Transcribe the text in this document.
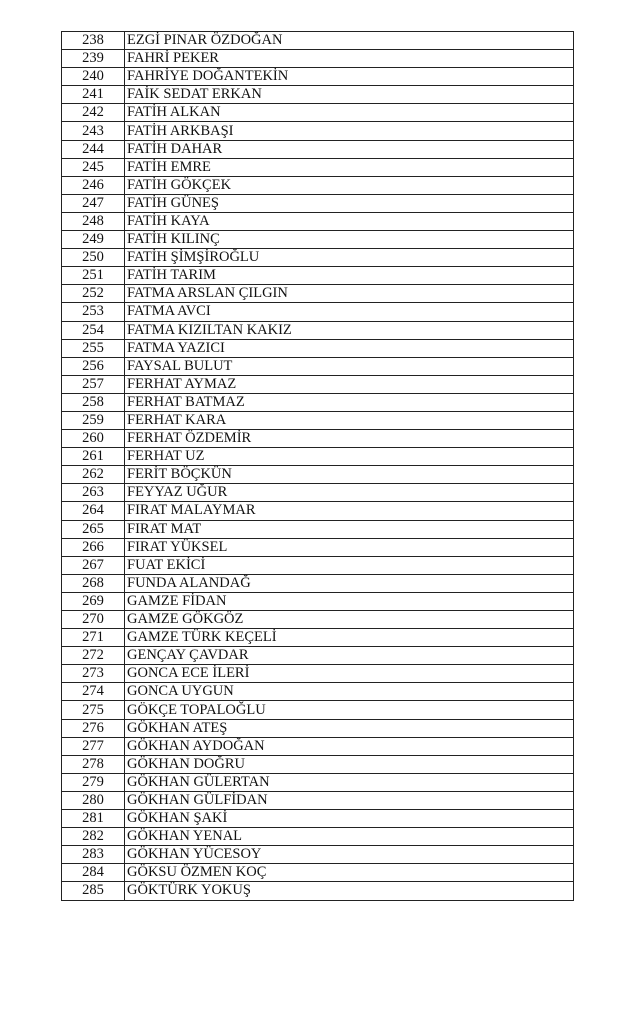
238	EZGİ PINAR ÖZDOĞAN
239	FAHRİ PEKER
240	FAHRİYE DOĞANTEKİN
241	FAİK SEDAT ERKAN
242	FATİH ALKAN
243	FATİH ARKBAŞI
244	FATİH DAHAR
245	FATİH EMRE
246	FATİH GÖKÇEK
247	FATİH GÜNEŞ
248	FATİH KAYA
249	FATİH KILINÇ
250	FATİH ŞİMŞİROĞLU
251	FATİH TARIM
252	FATMA ARSLAN ÇILGIN
253	FATMA AVCI
254	FATMA KIZILTAN KAKIZ
255	FATMA YAZICI
256	FAYSAL BULUT
257	FERHAT AYMAZ
258	FERHAT BATMAZ
259	FERHAT KARA
260	FERHAT ÖZDEMİR
261	FERHAT UZ
262	FERİT BÖÇKÜN
263	FEYYAZ UĞUR
264	FIRAT MALAYMAR
265	FIRAT MAT
266	FIRAT YÜKSEL
267	FUAT EKİCİ
268	FUNDA ALANDAĞ
269	GAMZE FİDAN
270	GAMZE GÖKGÖZ
271	GAMZE TÜRK KEÇELİ
272	GENÇAY ÇAVDAR
273	GONCA ECE İLERİ
274	GONCA UYGUN
275	GÖKÇE TOPALOĞLU
276	GÖKHAN ATEŞ
277	GÖKHAN AYDOĞAN
278	GÖKHAN DOĞRU
279	GÖKHAN GÜLERTAN
280	GÖKHAN GÜLFİDAN
281	GÖKHAN ŞAKİ
282	GÖKHAN YENAL
283	GÖKHAN YÜCESOY
284	GÖKSU ÖZMEN KOÇ
285	GÖKTÜRK YOKUŞ
